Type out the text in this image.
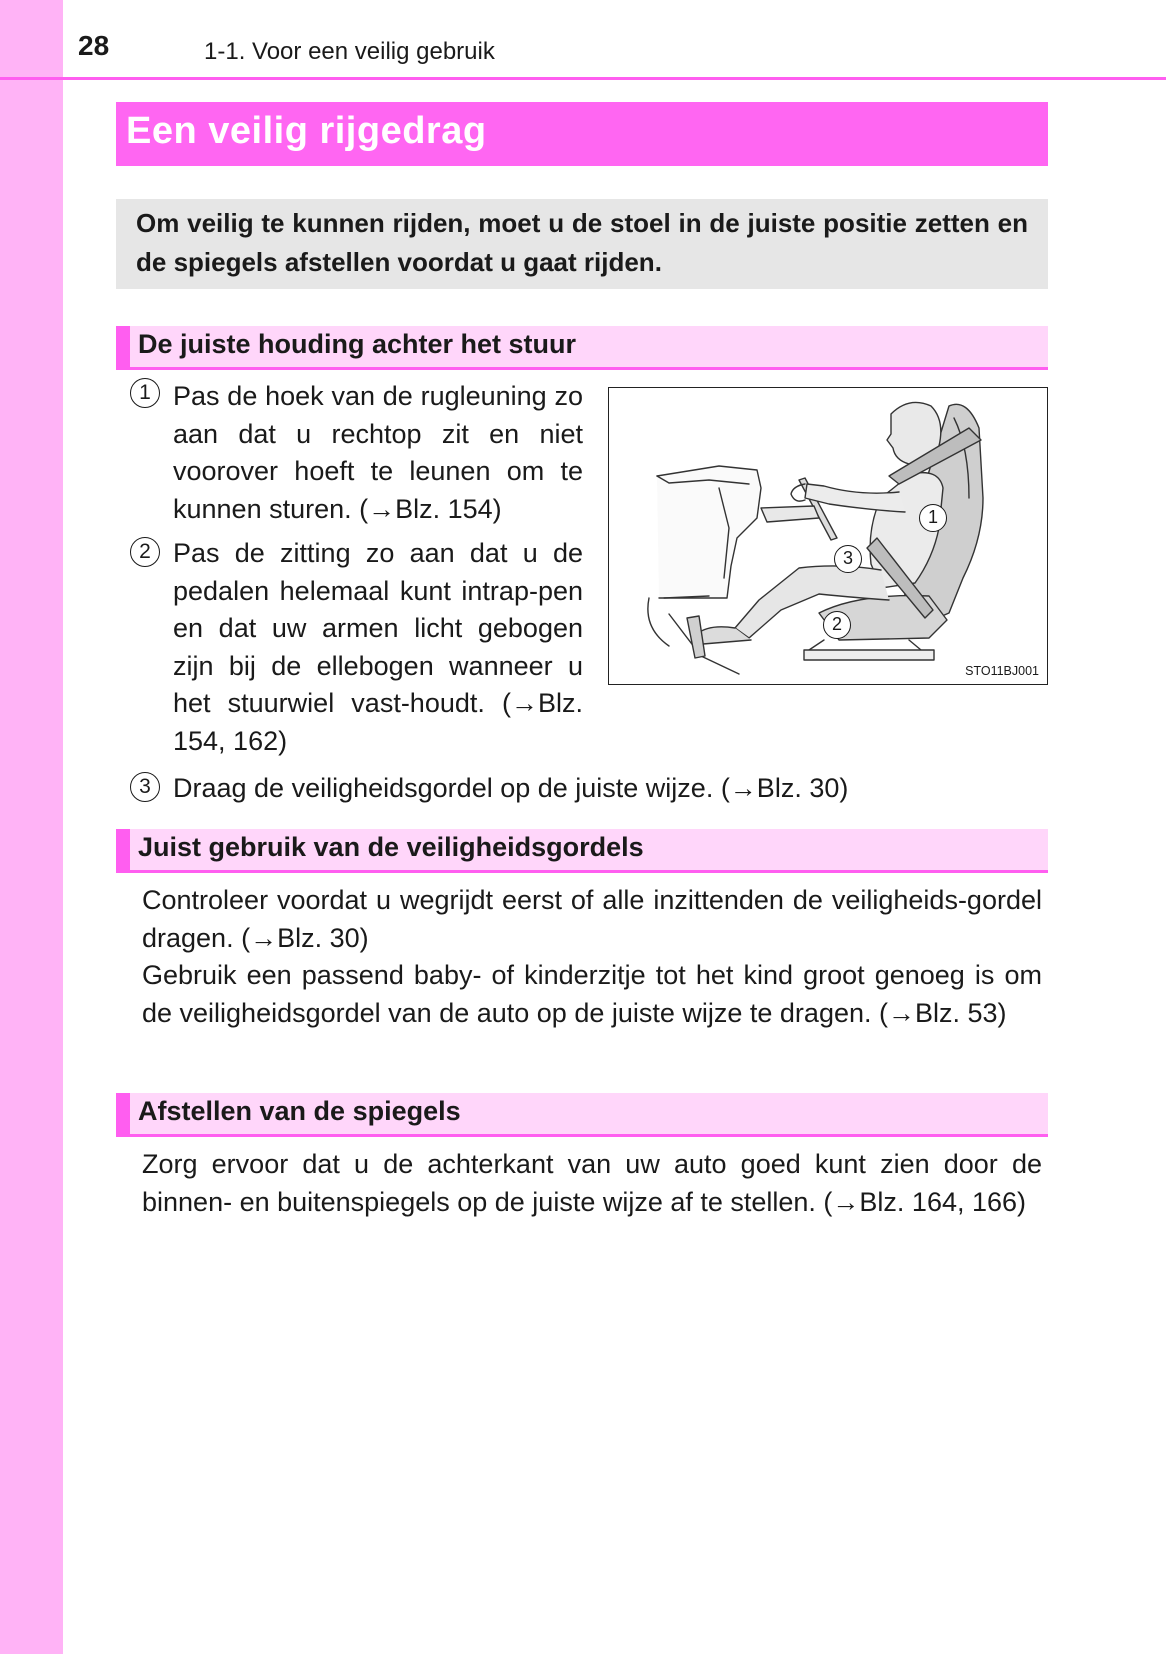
28	1-1. Voor een veilig gebruik
Een veilig rijgedrag
Om veilig te kunnen rijden, moet u de stoel in de juiste positie zetten en de spiegels afstellen voordat u gaat rijden.
De juiste houding achter het stuur
1 Pas de hoek van de rugleuning zo aan dat u rechtop zit en niet voorover hoeft te leunen om te kunnen sturen. (→Blz. 154)
2 Pas de zitting zo aan dat u de pedalen helemaal kunt intrap-pen en dat uw armen licht gebogen zijn bij de ellebogen wanneer u het stuurwiel vast-houdt. (→Blz. 154, 162)
3 Draag de veiligheidsgordel op de juiste wijze. (→Blz. 30)
1
2
3
STO11BJ001
Juist gebruik van de veiligheidsgordels

Controleer voordat u wegrijdt eerst of alle inzittenden de veiligheids-gordel dragen. (→Blz. 30)

Gebruik een passend baby- of kinderzitje tot het kind groot genoeg is om de veiligheidsgordel van de auto op de juiste wijze te dragen. (→Blz. 53)

Afstellen van de spiegels

Zorg ervoor dat u de achterkant van uw auto goed kunt zien door de binnen- en buitenspiegels op de juiste wijze af te stellen. (→Blz. 164, 166)
